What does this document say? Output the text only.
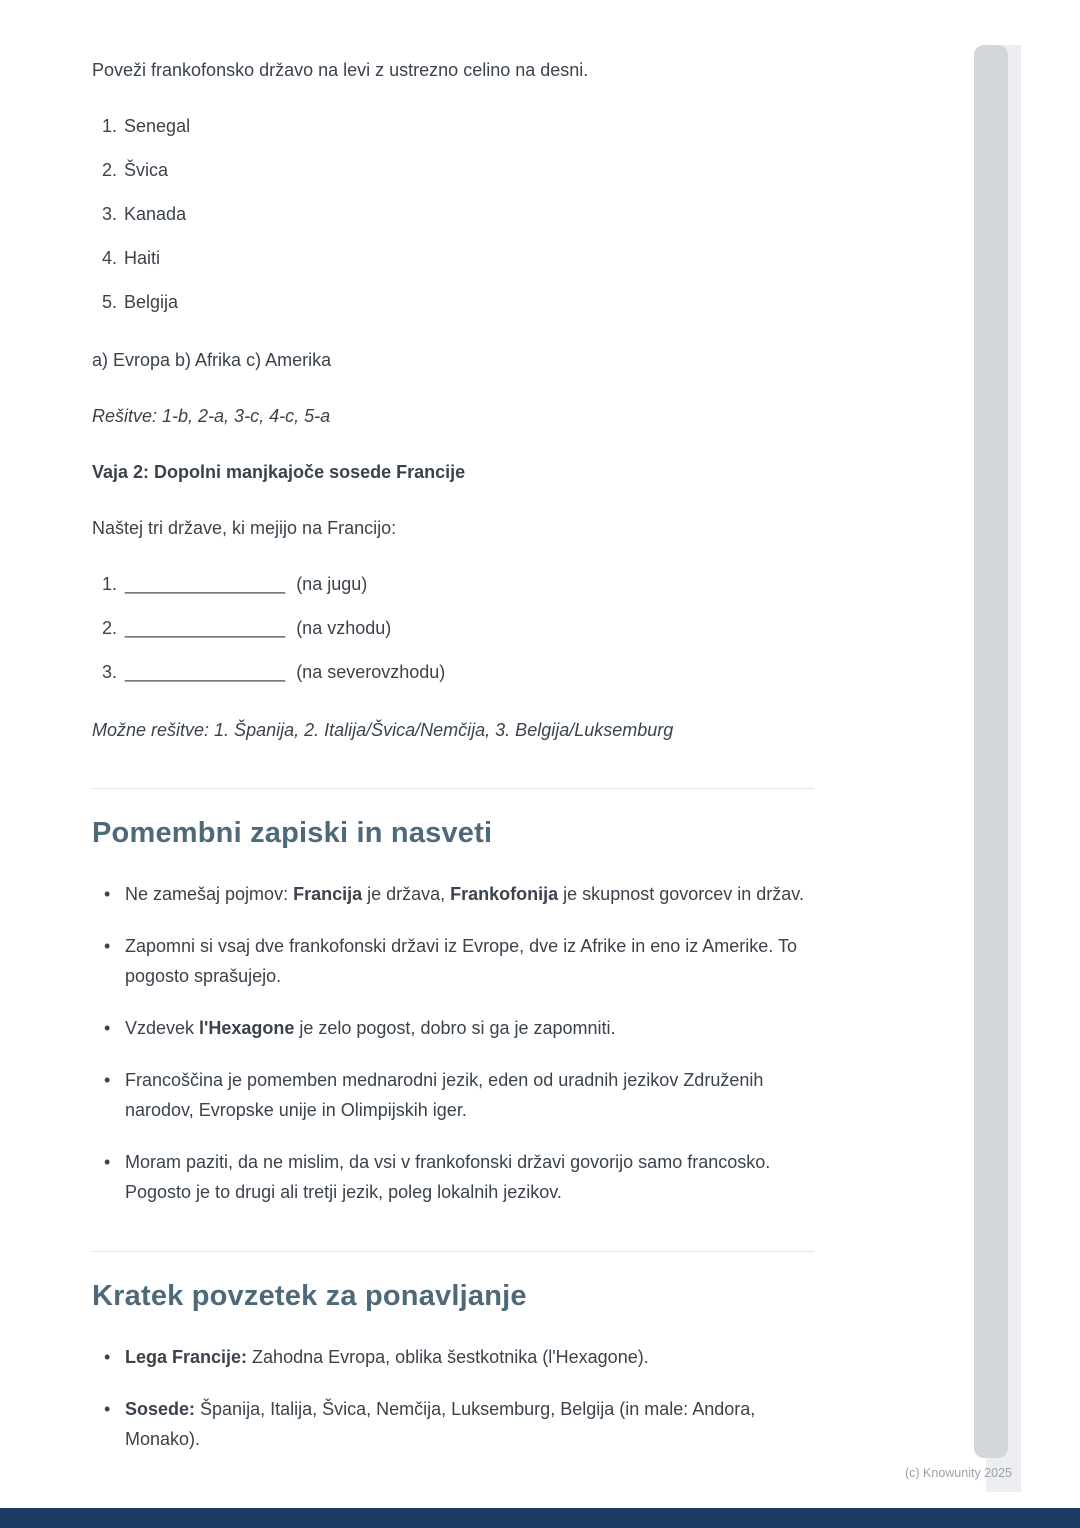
Poveži frankofonsko državo na levi z ustrezno celino na desni.

1. Senegal
2. Švica
3. Kanada
4. Haiti
5. Belgija

a) Evropa b) Afrika c) Amerika

Rešitve: 1-b, 2-a, 3-c, 4-c, 5-a

Vaja 2: Dopolni manjkajoče sosede Francije

Naštej tri države, ki mejijo na Francijo:

1. ________________ (na jugu)
2. ________________ (na vzhodu)
3. ________________ (na severovzhodu)

Možne rešitve: 1. Španija, 2. Italija/Švica/Nemčija, 3. Belgija/Luksemburg

Pomembni zapiski in nasveti
• Ne zamešaj pojmov: Francija je država, Frankofonija je skupnost govorcev in držav.
• Zapomni si vsaj dve frankofonski državi iz Evrope, dve iz Afrike in eno iz Amerike. To pogosto sprašujejo.
• Vzdevek l'Hexagone je zelo pogost, dobro si ga je zapomniti.
• Francoščina je pomemben mednarodni jezik, eden od uradnih jezikov Združenih narodov, Evropske unije in Olimpijskih iger.
• Moram paziti, da ne mislim, da vsi v frankofonski državi govorijo samo francosko. Pogosto je to drugi ali tretji jezik, poleg lokalnih jezikov.
Kratek povzetek za ponavljanje
• Lega Francije: Zahodna Evropa, oblika šestkotnika (l'Hexagone).
• Sosede: Španija, Italija, Švica, Nemčija, Luksemburg, Belgija (in male: Andora, Monako).
(c) Knowunity 2025
